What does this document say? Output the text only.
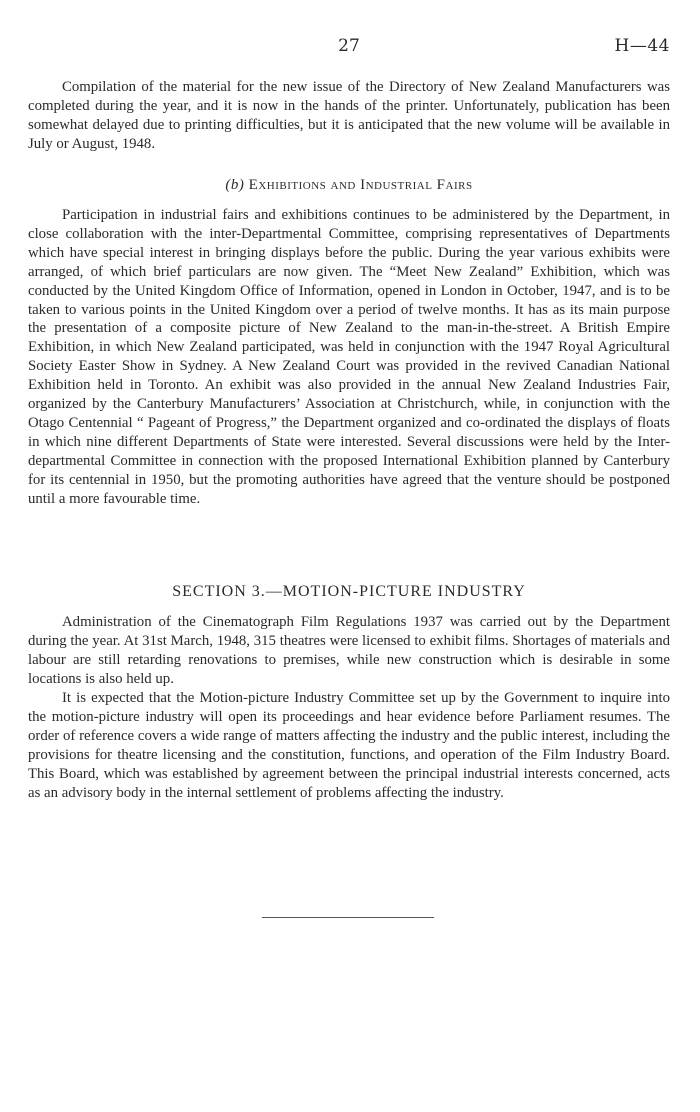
27	H—44

Compilation of the material for the new issue of the Directory of New Zealand Manufacturers was completed during the year, and it is now in the hands of the printer. Unfortunately, publication has been somewhat delayed due to printing difficulties, but it is anticipated that the new volume will be available in July or August, 1948.

(b) Exhibitions and Industrial Fairs

Participation in industrial fairs and exhibitions continues to be administered by the Department, in close collaboration with the inter-Departmental Committee, comprising representatives of Departments which have special interest in bringing displays before the public. During the year various exhibits were arranged, of which brief particulars are now given. The “Meet New Zealand” Exhibition, which was conducted by the United Kingdom Office of Information, opened in London in October, 1947, and is to be taken to various points in the United Kingdom over a period of twelve months. It has as its main purpose the presentation of a composite picture of New Zealand to the man-in-the-street. A British Empire Exhibition, in which New Zealand participated, was held in conjunction with the 1947 Royal Agricultural Society Easter Show in Sydney. A New Zealand Court was provided in the revived Canadian National Exhibition held in Toronto. An exhibit was also provided in the annual New Zealand Industries Fair, organized by the Canterbury Manufacturers’ Association at Christchurch, while, in conjunction with the Otago Centennial “ Pageant of Progress,” the Department organized and co-ordinated the displays of floats in which nine different Departments of State were interested. Several discussions were held by the Inter-departmental Committee in connection with the proposed International Exhibition planned by Canterbury for its centennial in 1950, but the promoting authorities have agreed that the venture should be postponed until a more favourable time.

SECTION 3.—MOTION-PICTURE INDUSTRY

Administration of the Cinematograph Film Regulations 1937 was carried out by the Department during the year. At 31st March, 1948, 315 theatres were licensed to exhibit films. Shortages of materials and labour are still retarding renovations to premises, while new construction which is desirable in some locations is also held up.

It is expected that the Motion-picture Industry Committee set up by the Government to inquire into the motion-picture industry will open its proceedings and hear evidence before Parliament resumes. The order of reference covers a wide range of matters affecting the industry and the public interest, including the provisions for theatre licensing and the constitution, functions, and operation of the Film Industry Board. This Board, which was established by agreement between the principal industrial interests concerned, acts as an advisory body in the internal settlement of problems affecting the industry.
